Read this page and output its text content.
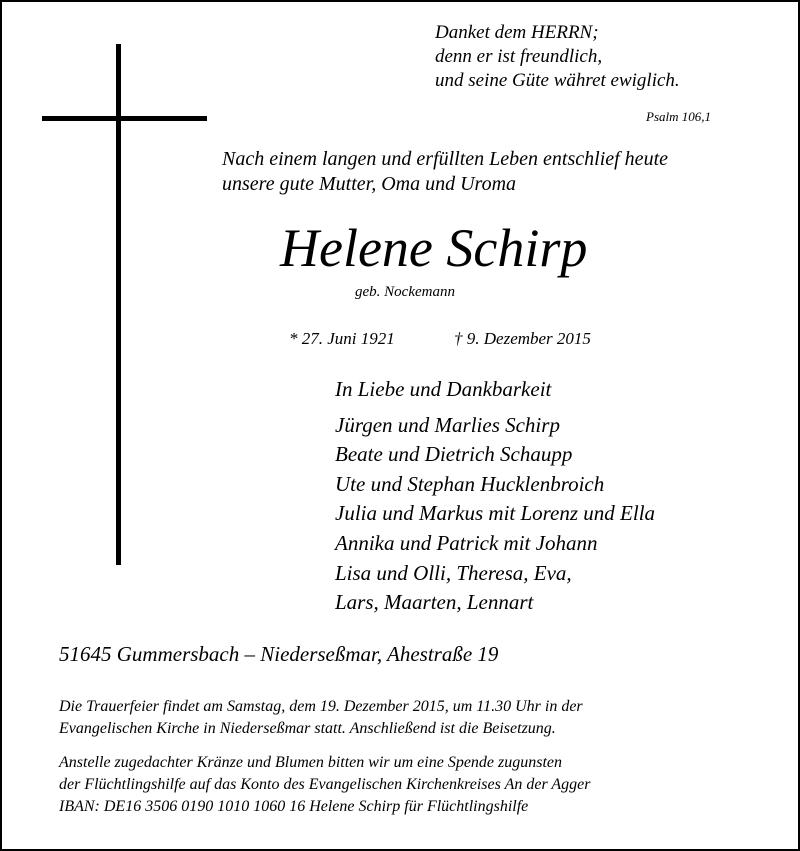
Danket dem HERRN;
denn er ist freundlich,
und seine Güte währet ewiglich.
Psalm 106,1
Nach einem langen und erfüllten Leben entschlief heute
unsere gute Mutter, Oma und Uroma
Helene Schirp
geb. Nockemann
* 27. Juni 1921	† 9. Dezember 2015
In Liebe und Dankbarkeit
Jürgen und Marlies Schirp
Beate und Dietrich Schaupp
Ute und Stephan Hucklenbroich
Julia und Markus mit Lorenz und Ella
Annika und Patrick mit Johann
Lisa und Olli, Theresa, Eva,
Lars, Maarten, Lennart
51645 Gummersbach – Niederseßmar, Ahestraße 19
Die Trauerfeier findet am Samstag, dem 19. Dezember 2015, um 11.30 Uhr in der
Evangelischen Kirche in Niederseßmar statt. Anschließend ist die Beisetzung.
Anstelle zugedachter Kränze und Blumen bitten wir um eine Spende zugunsten
der Flüchtlingshilfe auf das Konto des Evangelischen Kirchenkreises An der Agger
IBAN: DE16 3506 0190 1010 1060 16 Helene Schirp für Flüchtlingshilfe
